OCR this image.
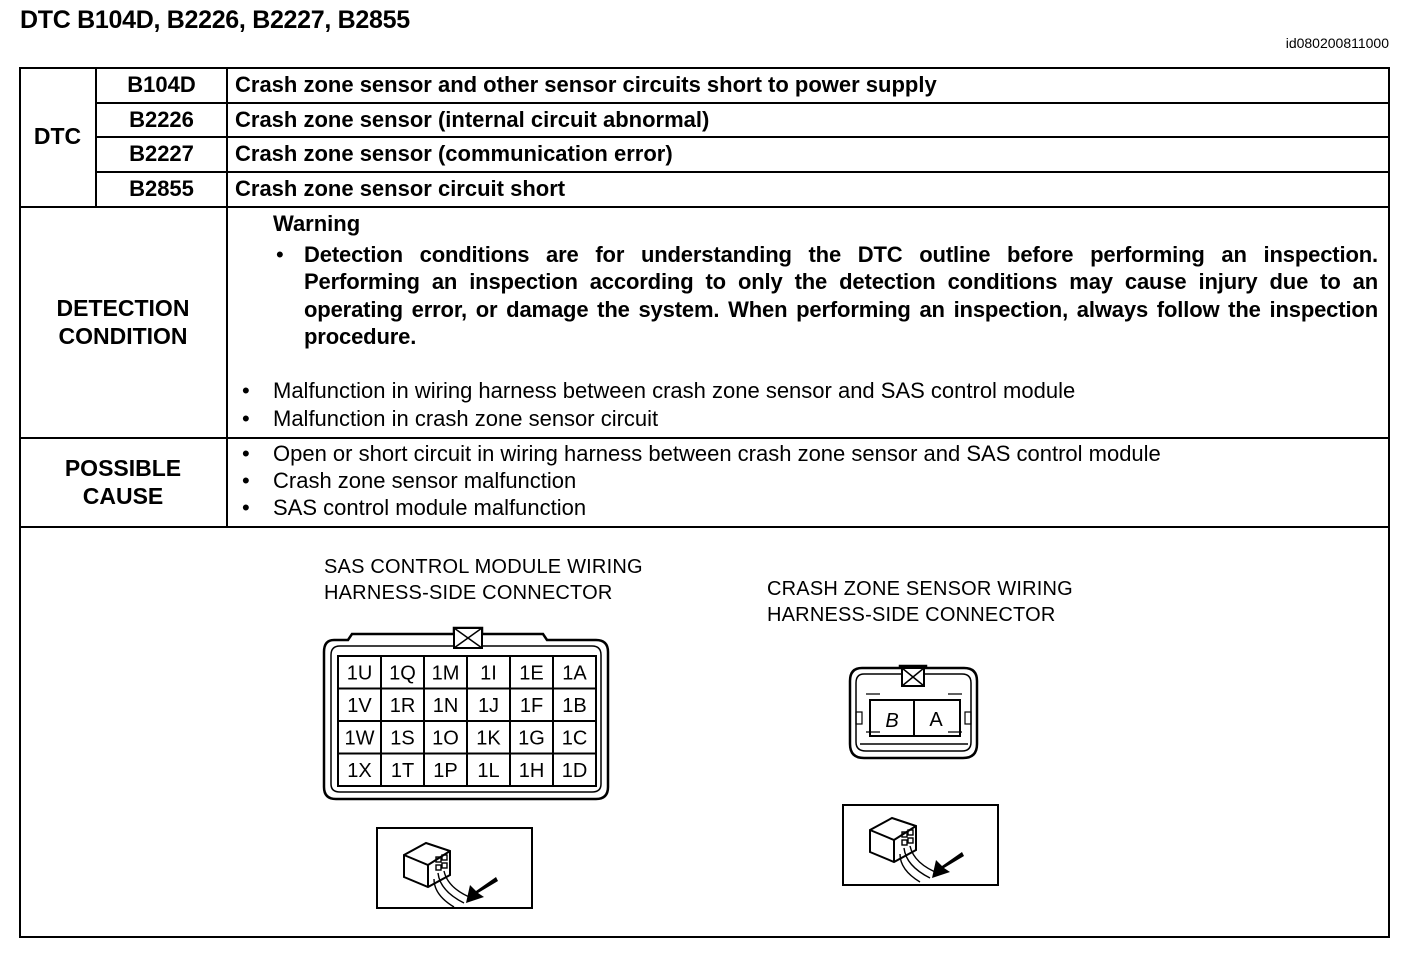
DTC B104D, B2226, B2227, B2855
id080200811000
DTC
B104D	Crash zone sensor and other sensor circuits short to power supply
B2226	Crash zone sensor (internal circuit abnormal)
B2227	Crash zone sensor (communication error)
B2855	Crash zone sensor circuit short
DETECTION
CONDITION
Warning
• Detection conditions are for understanding the DTC outline before performing an inspection. Performing an inspection according to only the detection conditions may cause injury due to an operating error, or damage the system. When performing an inspection, always follow the inspection procedure.
•	Malfunction in wiring harness between crash zone sensor and SAS control module
•	Malfunction in crash zone sensor circuit
POSSIBLE
CAUSE
•	Open or short circuit in wiring harness between crash zone sensor and SAS control module
•	Crash zone sensor malfunction
•	SAS control module malfunction
SAS CONTROL MODULE WIRING
HARNESS-SIDE CONNECTOR	CRASH ZONE SENSOR WIRING
HARNESS-SIDE CONNECTOR
1U 1Q 1M 1I 1E 1A
1V 1R 1N 1J 1F 1B
1W 1S 1O 1K 1G 1C
1X 1T 1P 1L 1H 1D
B A
